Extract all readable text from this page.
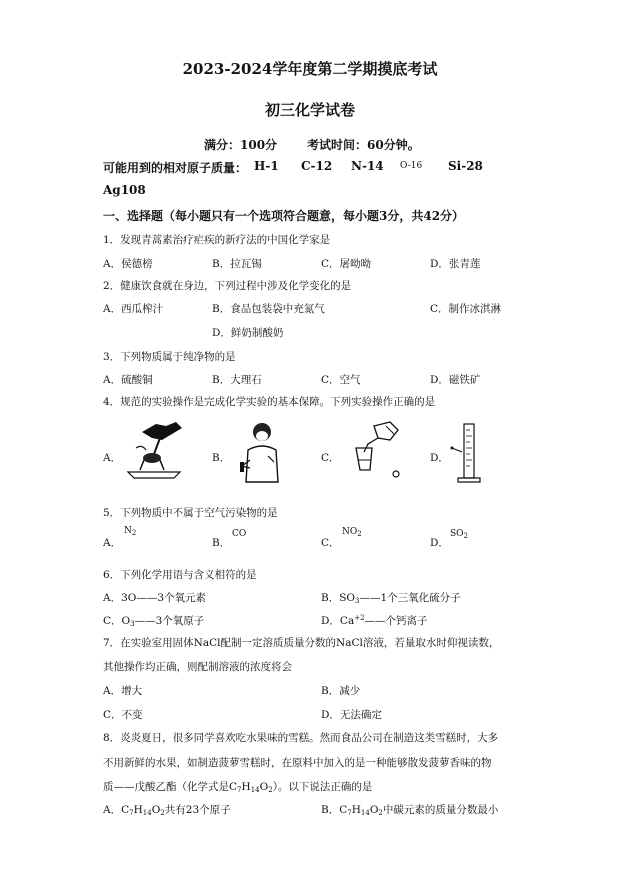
2023-2024学年度第二学期摸底考试
初三化学试卷
满分：100分 考试时间：60分钟。
可能用到的相对原子质量： H-1 C-12 N-14 O-16 Si-28
Ag108
一、选择题（每小题只有一个选项符合题意，每小题3分，共42分）
1．发现青蒿素治疗疟疾的新疗法的中国化学家是
A．侯德榜	B．拉瓦锡	C．屠呦呦	D．张青莲
2．健康饮食就在身边，下列过程中涉及化学变化的是
A．西瓜榨汁	B．食品包装袋中充氮气	C．制作冰淇淋
D．鲜奶制酸奶
3．下列物质属于纯净物的是
A．硫酸铜	B．大理石	C．空气	D．磁铁矿
4．规范的实验操作是完成化学实验的基本保障。下列实验操作正确的是
A．	B．	C．	D．
5．下列物质中不属于空气污染物的是
A．
$N_2$
B．
CO
C．
$NO_2$
D．
$SO_2$
6．下列化学用语与含义相符的是
A．3O——3个氧元素	B．$SO_3——1$个三氧化硫分子
C．$O_3——3$个氧原子	D．$Ca^{+2}——$个钙离子
7．在实验室用固体NaCl配制一定溶质质量分数的NaCl溶液，若量取水时仰视读数，
其他操作均正确，则配制溶液的浓度将会
A．增大	B．减少
C．不变	D．无法确定
8．炎炎夏日，很多同学喜欢吃水果味的雪糕。然而食品公司在制造这类雪糕时，大多
不用新鲜的水果，如制造菠萝雪糕时，在原料中加入的是一种能够散发菠萝香味的物
质——戊酸乙酯（化学式是$C_7H_{14}O_2$）。以下说法正确的是
A．$C_7H_{14}O_2$共有23个原子	B．$C_7H_{14}O_2$中碳元素的质量分数最小
